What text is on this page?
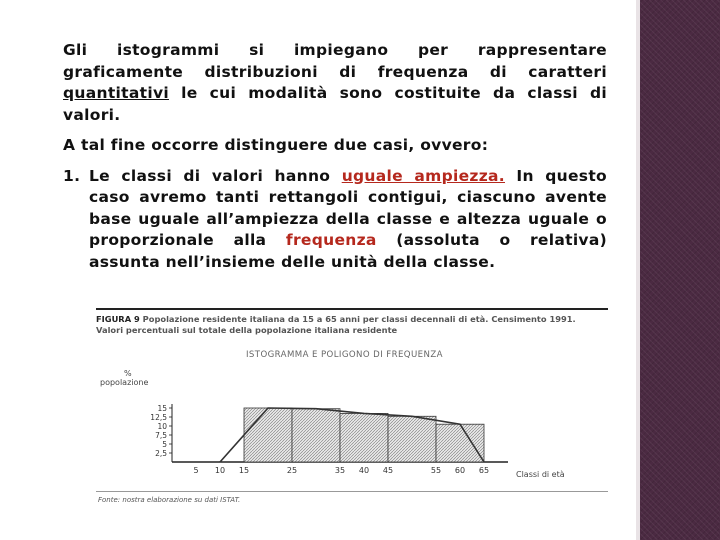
Gli istogrammi si impiegano per rappresentare graficamente distribuzioni di frequenza di caratteri quantitativi le cui modalità sono costituite da classi di valori.

A tal fine occorre distinguere due casi, ovvero:

1. Le classi di valori hanno uguale ampiezza. In questo caso avremo tanti rettangoli contigui, ciascuno avente base uguale all’ampiezza della classe e altezza uguale o proporzionale alla frequenza (assoluta o relativa) assunta nell’insieme delle unità della classe.
FIGURA 9 Popolazione residente italiana da 15 a 65 anni per classi decennali di età. Censimento 1991. Valori percentuali sul totale della popolazione italiana residente
ISTOGRAMMA E POLIGONO DI FREQUENZA
%
popolazione
2,5
5
7,5
10
12,5
15
5 10 15	25	35 40 45	55 60 65	Classi di età
Fonte: nostra elaborazione su dati ISTAT.
